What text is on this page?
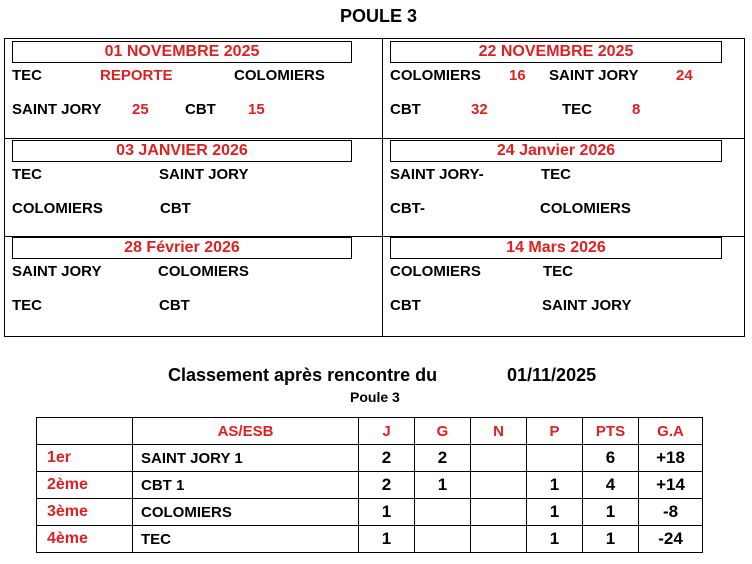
POULE 3
01 NOVEMBRE 2025
TEC	REPORTE	COLOMIERS
SAINT JORY 25 CBT 15
22 NOVEMBRE 2025
COLOMIERS 16 SAINT JORY	24
CBT	32	TEC	8
03 JANVIER 2026
TEC	SAINT JORY
COLOMIERS	CBT
24 Janvier 2026
SAINT JORY-	TEC
CBT-	COLOMIERS
28 Février 2026
SAINT JORY	COLOMIERS
TEC	CBT
14 Mars 2026
COLOMIERS	TEC
CBT	SAINT JORY
Classement après rencontre du	01/11/2025
Poule 3
	AS/ESB	J	G	N	P	PTS	G.A
1er	SAINT JORY 1	2	2			6	+18
2ème	CBT 1	2	1		1	4	+14
3ème	COLOMIERS	1			1	1	-8
4ème	TEC	1			1	1	-24
